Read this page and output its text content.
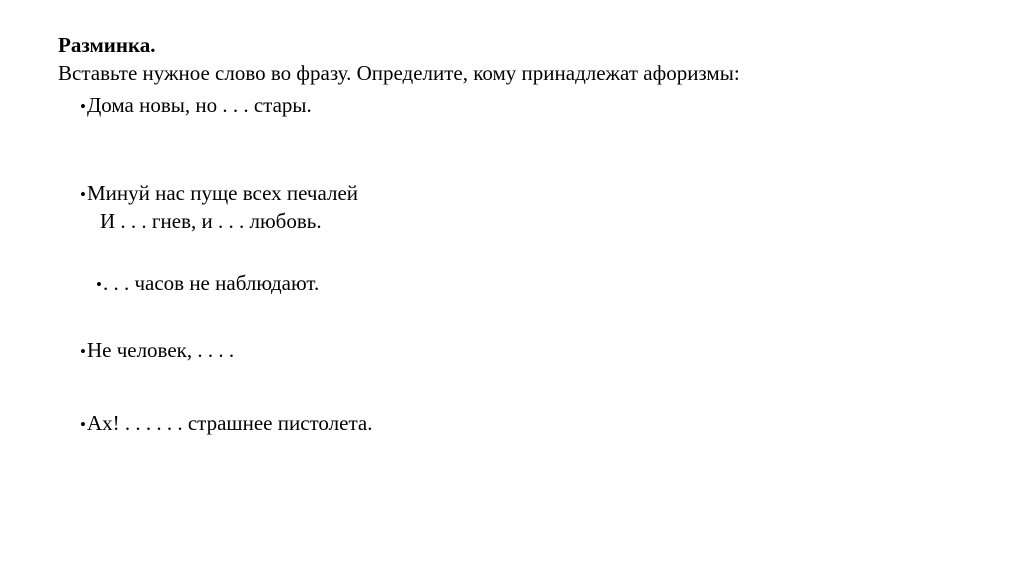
Разминка.
Вставьте нужное слово во фразу. Определите, кому принадлежат афоризмы:
• Дома новы, но . . . стары.
• Минуй нас пуще всех печалей
И . . . гнев, и . . . любовь.
• . . . часов не наблюдают.
• Не человек, . . . .
• Ах! . . . . . . страшнее пистолета.
